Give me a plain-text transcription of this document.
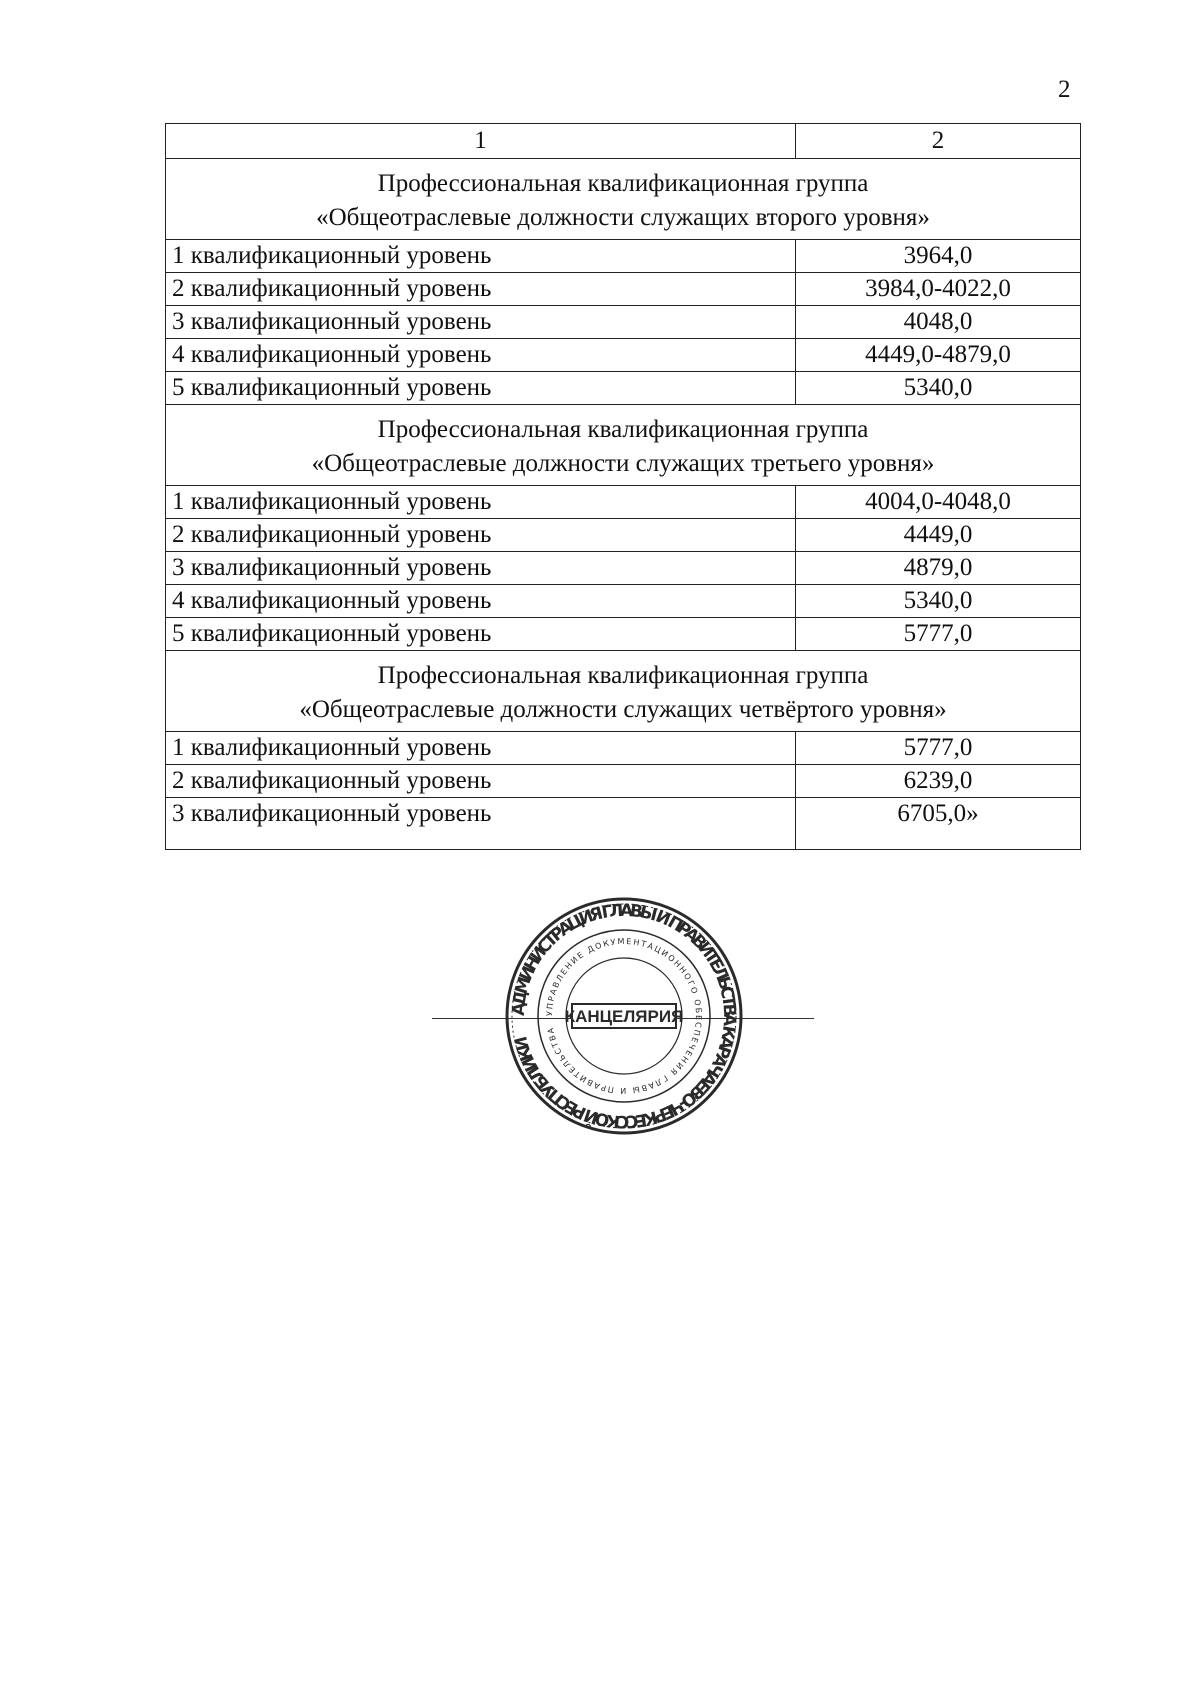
2
1	2

Профессиональная квалификационная группа
«Общеотраслевые должности служащих второго уровня»	

1 квалификационный уровень	3964,0
2 квалификационный уровень	3984,0-4022,0
3 квалификационный уровень	4048,0
4 квалификационный уровень	4449,0-4879,0
5 квалификационный уровень	5340,0

Профессиональная квалификационная группа
«Общеотраслевые должности служащих третьего уровня»	

1 квалификационный уровень	4004,0-4048,0
2 квалификационный уровень	4449,0
3 квалификационный уровень	4879,0
4 квалификационный уровень	5340,0
5 квалификационный уровень	5777,0

Профессиональная квалификационная группа
«Общеотраслевые должности служащих четвёртого уровня»	

1 квалификационный уровень	5777,0
2 квалификационный уровень	6239,0
3 квалификационный уровень	6705,0»
АДМИНИСТРАЦИЯ ГЛАВЫ И ПРАВИТЕЛЬСТВА КАРАЧАЕВО-ЧЕРКЕССКОЙ РЕСПУБЛИКИ
УПРАВЛЕНИЕ ДОКУМЕНТАЦИОННОГО ОБЕСПЕЧЕНИЯ ГЛАВЫ И ПРАВИТЕЛЬСТВА
КАНЦЕЛЯРИЯ
